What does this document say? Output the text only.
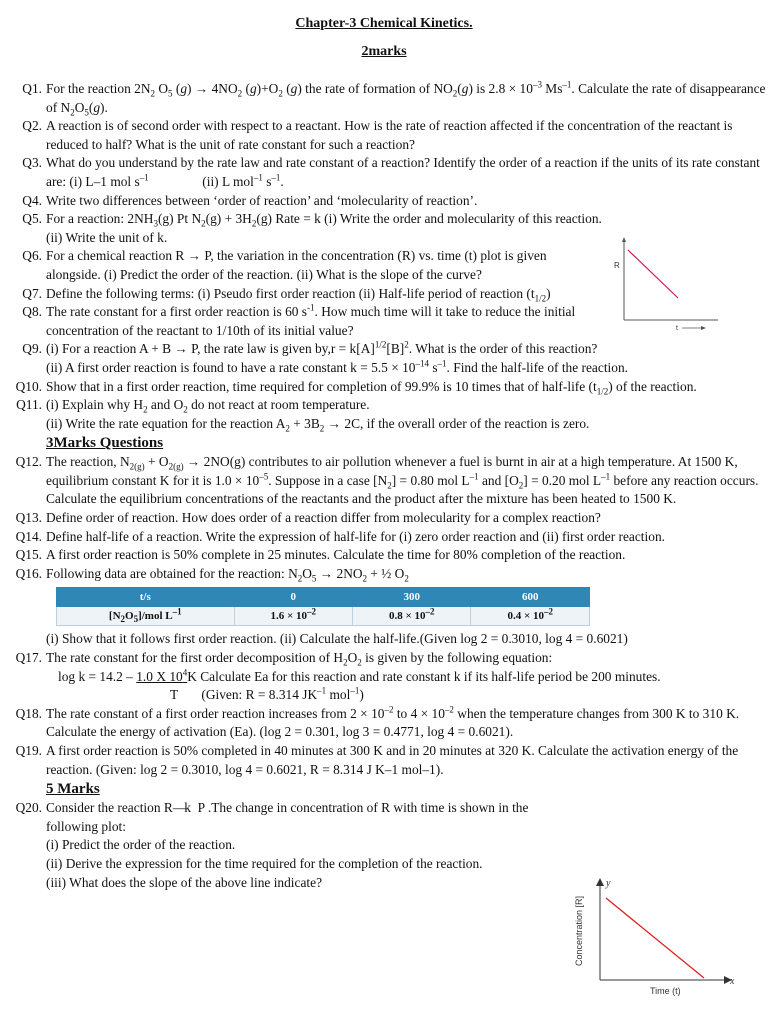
Chapter-3 Chemical Kinetics.
2marks
Q1. For the reaction $2N_2$ $O_5$ $(g) \to 4NO_2$ $(g)+O_2$ (g) the rate of formation of $NO_2(g)$ is $2.8 \times 10^{-3}$ $Ms^{-1}$. Calculate the rate of disappearance of $N_2O_5(g)$.
Q2. A reaction is of second order with respect to a reactant. How is the rate of reaction affected if the concentration of the reactant is reduced to half? What is the unit of rate constant for such a reaction?
Q3. What do you understand by the rate law and rate constant of a reaction? Identify the order of a reaction if the units of its rate constant are: (i) L–1 mol $s^{-1}$                (ii) L mol$^{-1}$ $s^{-1}$.
Q4. Write two differences between ‘order of reaction’ and ‘molecularity of reaction’.
Q5. For a reaction: $2NH_3(g)$ Pt $N_2(g) + 3H_2(g)$ Rate = k (i) Write the order and molecularity of this reaction.
(ii) Write the unit of k.
Q6. For a chemical reaction R → P, the variation in the concentration (R) vs. time (t) plot is given alongside. (i) Predict the order of the reaction. (ii) What is the slope of the curve?
Q7. Define the following terms: (i) Pseudo first order reaction (ii) Half-life period of reaction $(t_{1/2})$
Q8. The rate constant for a first order reaction is 60 $s^{-1}$. How much time will it take to reduce the initial concentration of the reactant to 1/10th of its initial value?
Q9. (i) For a reaction A + B → P, the rate law is given $by,r = k[A]^{1/2}[B]^2$. What is the order of this reaction?
(ii) A first order reaction is found to have a rate constant $k = 5.5 \times 10^{-14}$ $s^{-1}$. Find the half-life of the reaction.
Q10. Show that in a first order reaction, time required for completion of 99.9% is 10 times that of half-life $(t_{1/2})$ of the reaction.
Q11. (i) Explain why $H_2$ and $O_2$ do not react at room temperature.
(ii) Write the rate equation for the reaction $A_2 + 3B_2 \to 2C$, if the overall order of the reaction is zero.
3Marks Questions
Q12. The reaction, $N_{2(g)} + O_{2(g)} \to 2NO(g)$ contributes to air pollution whenever a fuel is burnt in air at a high temperature. At 1500 K, equilibrium constant K for it is $1.0 \times 10^{-5}$. Suppose in a case $[N_2] = 0.80$ mol $L^{-1}$ and $[O_2] = 0.20$ mol $L^{-1}$ before any reaction occurs. Calculate the equilibrium concentrations of the reactants and the product after the mixture has been heated to 1500 K.
Q13. Define order of reaction. How does order of a reaction differ from molecularity for a complex reaction?
Q14. Define half-life of a reaction. Write the expression of half-life for (i) zero order reaction and (ii) first order reaction.
Q15. A first order reaction is 50% complete in 25 minutes. Calculate the time for 80% completion of the reaction.
Q16. Following data are obtained for the reaction: $N_2O_5 \to 2NO_2$ + ½ $O_2$
t/s	0	300	600
$[N_2O_5]$/mol $L^{-1}$	$1.6 \times 10^{-2}$	$0.8 \times 10^{-2}$	$0.4 \times 10^{-2}$
(i) Show that it follows first order reaction. (ii) Calculate the half-life.(Given log 2 = 0.3010, log 4 = 0.6021)
Q17. The rate constant for the first order decomposition of $H_2O_2$ is given by the following equation:
log k = 14.2 – 1.0 X $10^4K$ Calculate Ea for this reaction and rate constant k if its half-life period be 200 minutes.
T       (Given: R = 8.314 $JK^{-1}$ mol$^{-1}$)
Q18. The rate constant of a first order reaction increases from $2 \times 10^{-2}$ to $4 \times 10^{-2}$ when the temperature changes from 300 K to 310 K. Calculate the energy of activation (Ea). (log 2 = 0.301, log 3 = 0.4771, log 4 = 0.6021).
Q19. A first order reaction is 50% completed in 40 minutes at 300 K and in 20 minutes at 320 K. Calculate the activation energy of the reaction. (Given: log 2 = 0.3010, log 4 = 0.6021, R = 8.314 J K–1 mol–1).
5 Marks
Q20. Consider the reaction R—k  P .The change in concentration of R with time is shown in the following plot:
(i) Predict the order of the reaction.
(ii) Derive the expression for the time required for the completion of the reaction.
(iii) What does the slope of the above line indicate?
R
t
y
x
Concentration [R]
Time (t)
